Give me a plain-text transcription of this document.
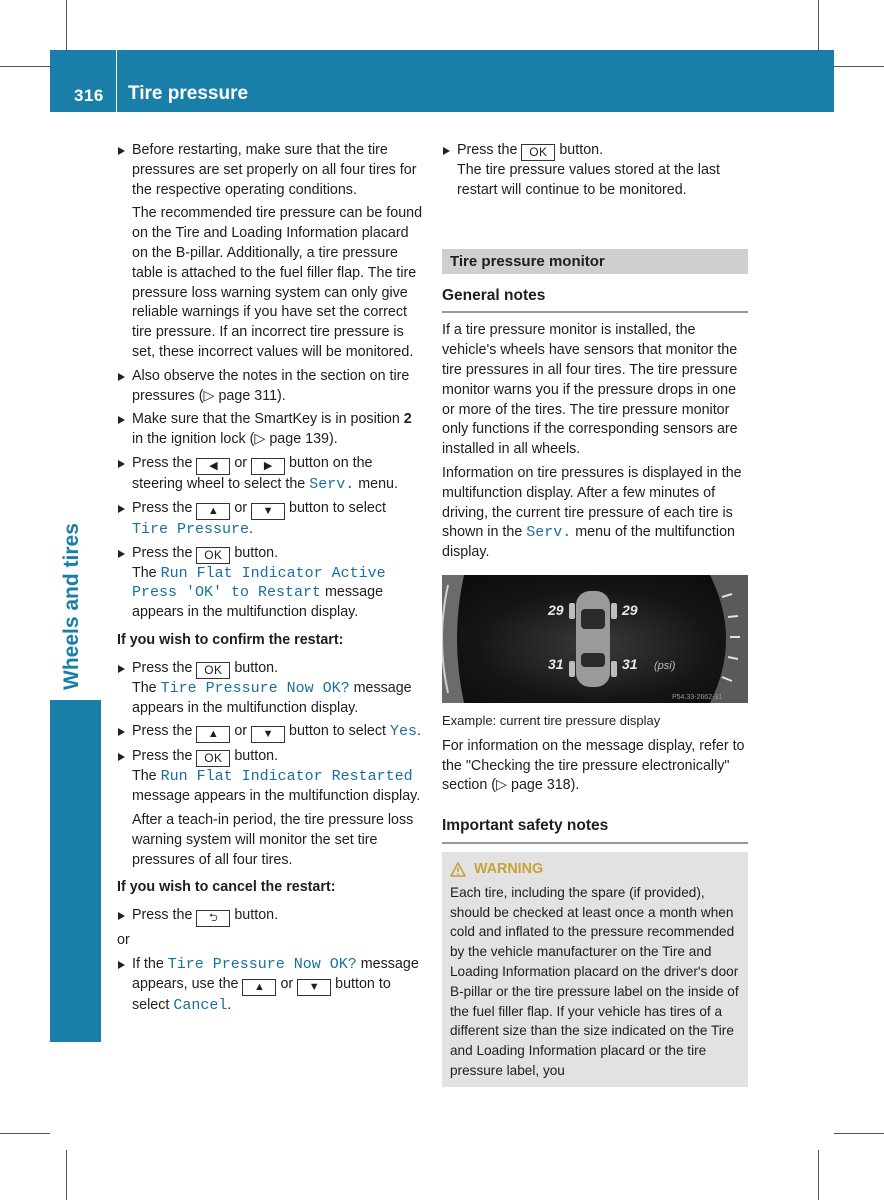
316 Tire pressure
Wheels and tires
Before restarting, make sure that the tire pressures are set properly on all four tires for the respective operating conditions.
The recommended tire pressure can be found on the Tire and Loading Information placard on the B-pillar. Additionally, a tire pressure table is attached to the fuel filler flap. The tire pressure loss warning system can only give reliable warnings if you have set the correct tire pressure. If an incorrect tire pressure is set, these incorrect values will be monitored.
Also observe the notes in the section on tire pressures (▷ page 311).
Make sure that the SmartKey is in position 2 in the ignition lock (▷ page 139).
Press the ◀ or ▶ button on the steering wheel to select the Serv. menu.
Press the ▲ or ▼ button to select Tire Pressure.
Press the OK button.
The Run Flat Indicator Active Press 'OK' to Restart message appears in the multifunction display.
If you wish to confirm the restart:
Press the OK button.
The Tire Pressure Now OK? message appears in the multifunction display.
Press the ▲ or ▼ button to select Yes.
Press the OK button.
The Run Flat Indicator Restarted message appears in the multifunction display.
After a teach-in period, the tire pressure loss warning system will monitor the set tire pressures of all four tires.
If you wish to cancel the restart:
Press the ⮌ button.
or
If the Tire Pressure Now OK? message appears, use the ▲ or ▼ button to select Cancel.
Press the OK button.
The tire pressure values stored at the last restart will continue to be monitored.
Tire pressure monitor
General notes
If a tire pressure monitor is installed, the vehicle's wheels have sensors that monitor the tire pressures in all four tires. The tire pressure monitor warns you if the pressure drops in one or more of the tires. The tire pressure monitor only functions if the corresponding sensors are installed in all wheels.
Information on tire pressures is displayed in the multifunction display. After a few minutes of driving, the current tire pressure of each tire is shown in the Serv. menu of the multifunction display.
29	29
31	31 (psi)
P54.33-2662-31
Example: current tire pressure display
For information on the message display, refer to the "Checking the tire pressure electronically" section (▷ page 318).
Important safety notes
WARNING
Each tire, including the spare (if provided), should be checked at least once a month when cold and inflated to the pressure recommended by the vehicle manufacturer on the Tire and Loading Information placard on the driver's door B-pillar or the tire pressure label on the inside of the fuel filler flap. If your vehicle has tires of a different size than the size indicated on the Tire and Loading Information placard or the tire pressure label, you
